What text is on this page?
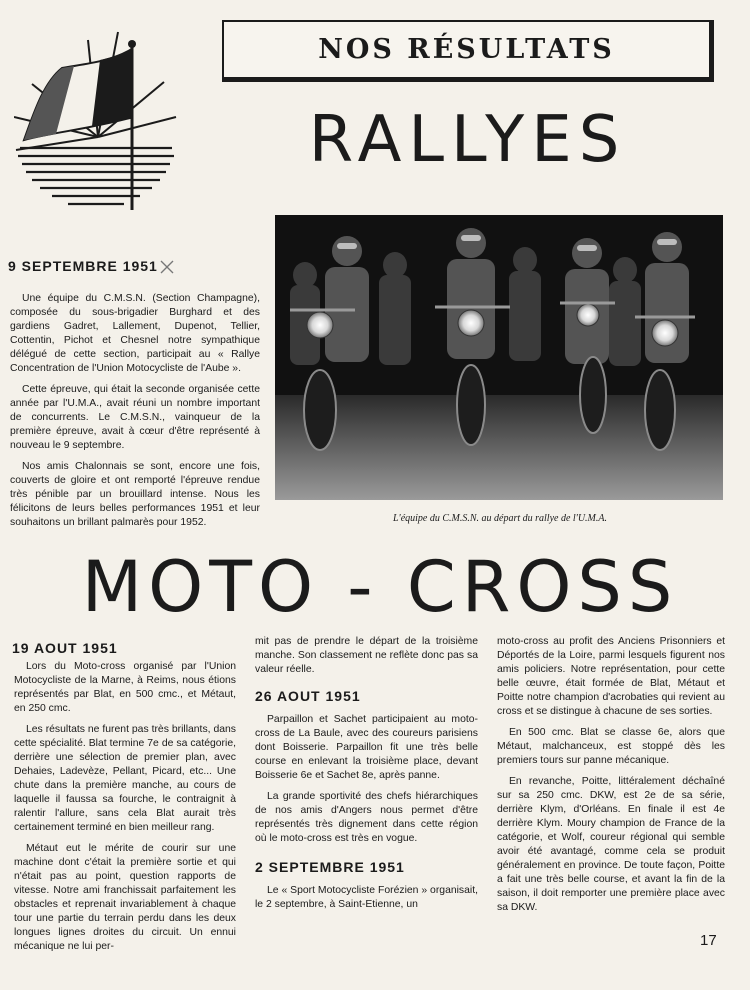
NOS RÉSULTATS
RALLYES
9 SEPTEMBRE 1951

Une équipe du C.M.S.N. (Section Champagne), composée du sous-brigadier Burghard et des gardiens Gadret, Lallement, Dupenot, Tellier, Cottentin, Pichot et Chesnel notre sympathique délégué de cette section, participait au « Rallye Concentration de l'Union Motocycliste de l'Aube ».

Cette épreuve, qui était la seconde organisée cette année par l'U.M.A., avait réuni un nombre important de concurrents. Le C.M.S.N., vainqueur de la première épreuve, avait à cœur d'être représenté à nouveau le 9 septembre.

Nos amis Chalonnais se sont, encore une fois, couverts de gloire et ont remporté l'épreuve rendue très pénible par un brouillard intense. Nous les félicitons de leurs belles performances 1951 et leur souhaitons un brillant palmarès pour 1952.	L'équipe du C.M.S.N. au départ du rallye de l'U.M.A.
MOTO - CROSS
19 AOUT 1951

Lors du Moto-cross organisé par l'Union Motocycliste de la Marne, à Reims, nous étions représentés par Blat, en 500 cmc., et Métaut, en 250 cmc.

Les résultats ne furent pas très brillants, dans cette spécialité. Blat termine 7e de sa catégorie, derrière une sélection de premier plan, avec Dehaies, Ladevèze, Pellant, Picard, etc... Une chute dans la première manche, au cours de laquelle il faussa sa fourche, le contraignit à ralentir l'allure, sans cela Blat aurait très certainement terminé en bien meilleur rang.

Métaut eut le mérite de courir sur une machine dont c'était la première sortie et qui n'était pas au point, question rapports de vitesse. Notre ami franchissait parfaitement les obstacles et reprenait invariablement à chaque tour une partie du terrain perdu dans les deux longues lignes droites du circuit. Un ennui mécanique ne lui per-

mit pas de prendre le départ de la troisième manche. Son classement ne reflète donc pas sa valeur réelle.

26 AOUT 1951

Parpaillon et Sachet participaient au moto-cross de La Baule, avec des coureurs parisiens dont Boisserie. Parpaillon fit une très belle course en enlevant la troisième place, devant Boisserie 6e et Sachet 8e, après panne.

La grande sportivité des chefs hiérarchiques de nos amis d'Angers nous permet d'être représentés très dignement dans cette région où le moto-cross est très en vogue.

2 SEPTEMBRE 1951

Le « Sport Motocycliste Forézien » organisait, le 2 septembre, à Saint-Etienne, un

moto-cross au profit des Anciens Prisonniers et Déportés de la Loire, parmi lesquels figurent nos amis policiers. Notre représentation, pour cette belle œuvre, était formée de Blat, Métaut et Poitte notre champion d'acrobaties qui revient au cross et se distingue à chacune de ses sorties.

En 500 cmc. Blat se classe 6e, alors que Métaut, malchanceux, est stoppé dès les premiers tours sur panne mécanique.

En revanche, Poitte, littéralement déchaîné sur sa 250 cmc. DKW, est 2e de sa série, derrière Klym, d'Orléans. En finale il est 4e derrière Klym. Moury champion de France de la catégorie, et Wolf, coureur régional qui semble avoir été avantagé, comme cela se produit généralement en province. De toute façon, Poitte a fait une très belle course, et avant la fin de la saison, il doit remporter une première place avec sa DKW.

17
